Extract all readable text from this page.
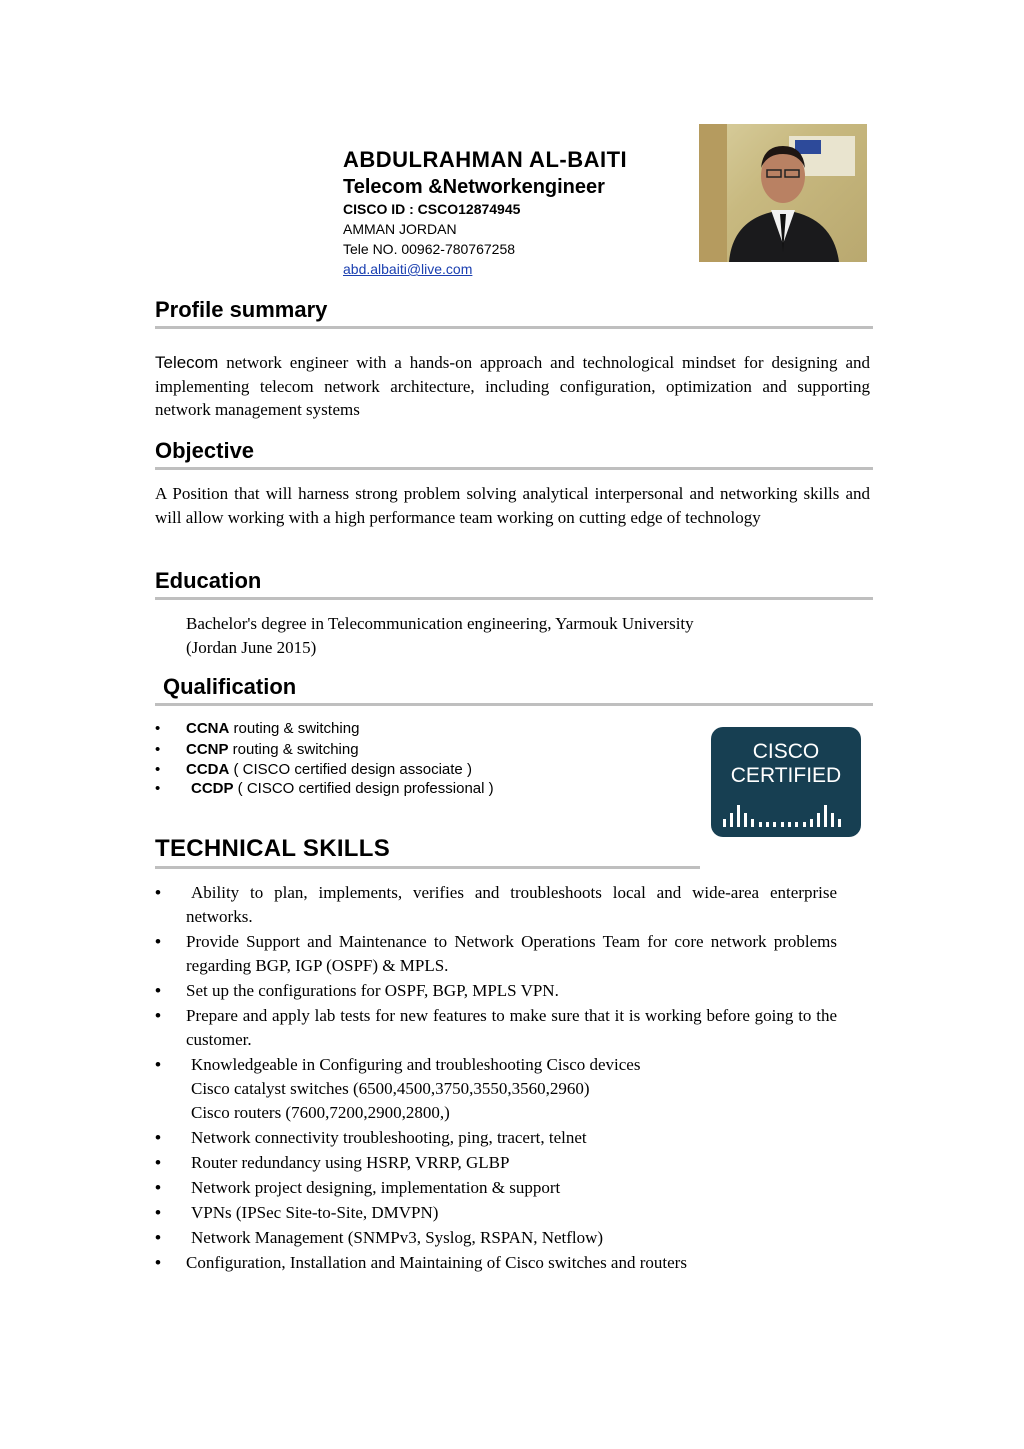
ABDULRAHMAN AL-BAITI
Telecom &Networkengineer
CISCO ID : CSCO12874945
AMMAN JORDAN
Tele NO. 00962-780767258
abd.albaiti@live.com
Profile summary
Telecom network engineer with a hands-on approach and technological mindset for designing and implementing telecom network architecture, including configuration, optimization and supporting network management systems
Objective
A Position that will harness strong problem solving analytical interpersonal and networking skills and will allow working with a high performance team working on cutting edge of technology
Education
Bachelor's degree in Telecommunication engineering, Yarmouk University
(Jordan June 2015)
Qualification
• CCNA routing & switching
• CCNP routing & switching
• CCDA ( CISCO certified design associate )
• CCDP ( CISCO certified design professional )
CISCO
CERTIFIED
TECHNICAL SKILLS
• Ability to plan, implements, verifies and troubleshoots local and wide-area enterprise networks.
• Provide Support and Maintenance to Network Operations Team for core network problems regarding BGP, IGP (OSPF) & MPLS.
• Set up the configurations for OSPF, BGP, MPLS VPN.
• Prepare and apply lab tests for new features to make sure that it is working before going to the customer.
• Knowledgeable in Configuring and troubleshooting Cisco devices
Cisco catalyst switches (6500,4500,3750,3550,3560,2960)
Cisco routers (7600,7200,2900,2800,)
• Network connectivity troubleshooting, ping, tracert, telnet
• Router redundancy using HSRP, VRRP, GLBP
• Network project designing, implementation & support
• VPNs (IPSec Site-to-Site, DMVPN)
• Network Management (SNMPv3, Syslog, RSPAN, Netflow)
• Configuration, Installation and Maintaining of Cisco switches and routers
